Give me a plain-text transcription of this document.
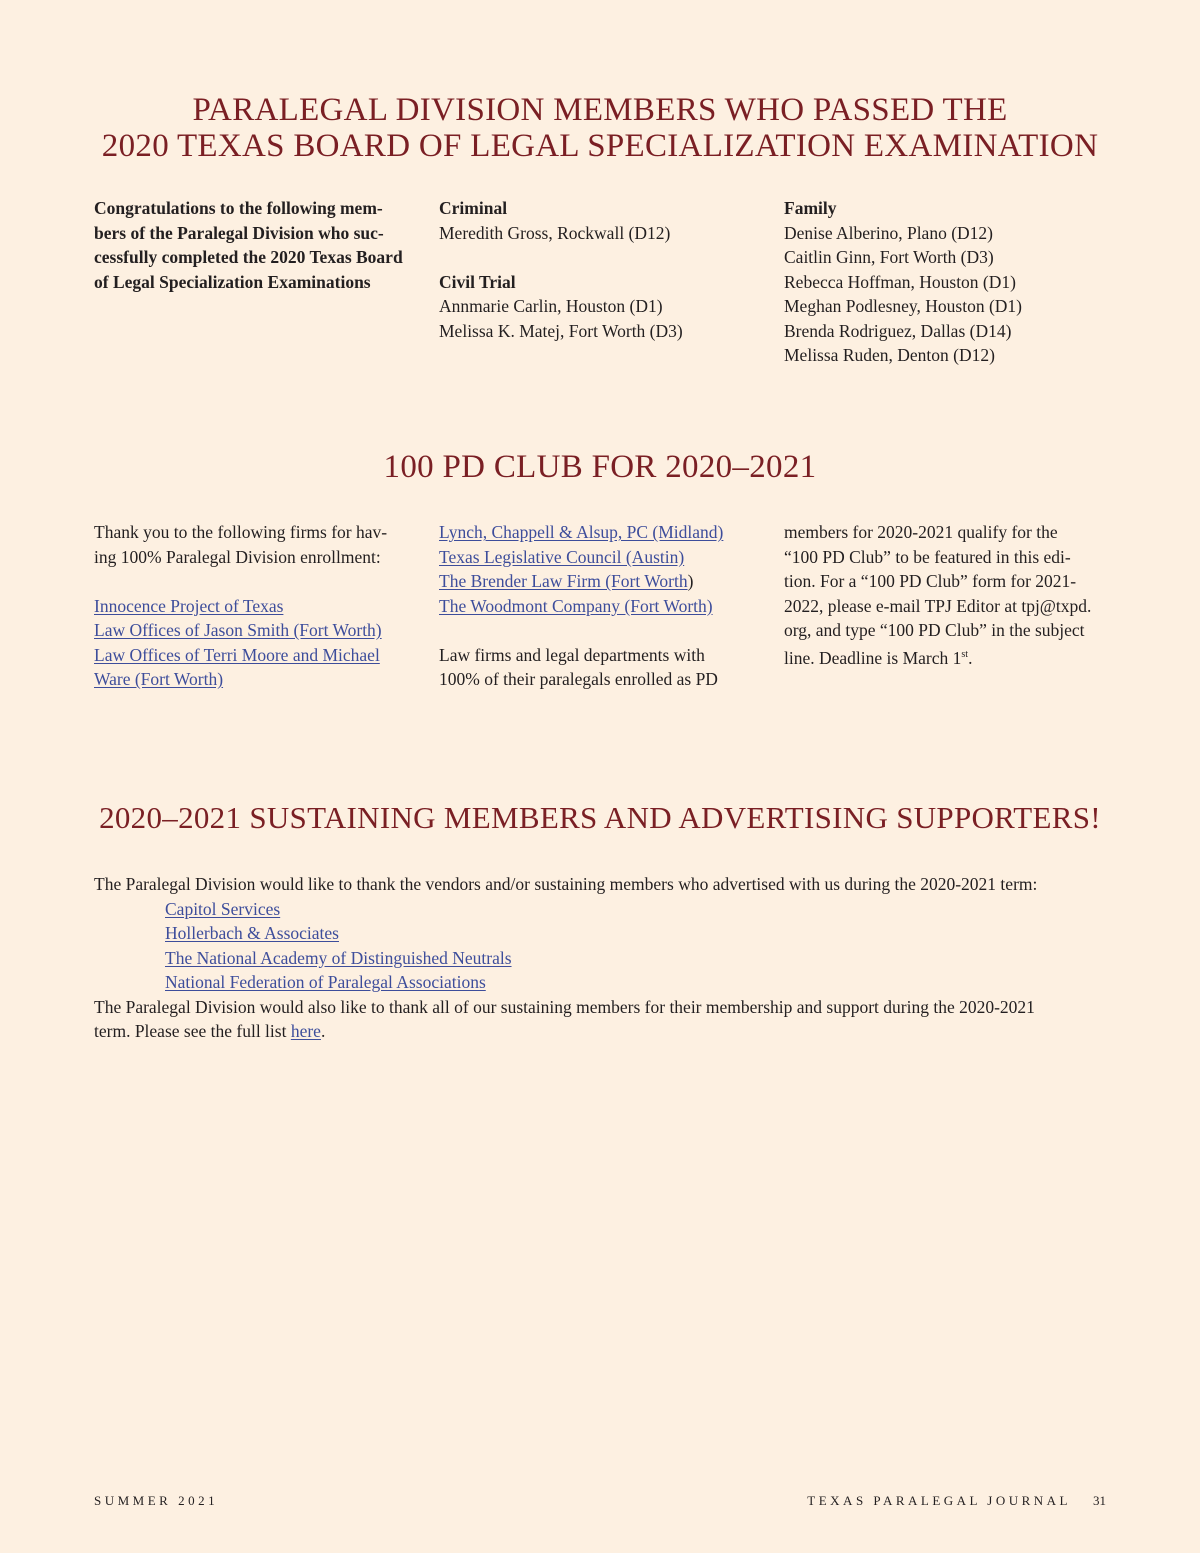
PARALEGAL DIVISION MEMBERS WHO PASSED THE
2020 TEXAS BOARD OF LEGAL SPECIALIZATION EXAMINATION
Congratulations to the following mem-
bers of the Paralegal Division who suc-
cessfully completed the 2020 Texas Board
of Legal Specialization Examinations
Criminal
Meredith Gross, Rockwall (D12)
Civil Trial
Annmarie Carlin, Houston (D1)
Melissa K. Matej, Fort Worth (D3)
Family
Denise Alberino, Plano (D12)
Caitlin Ginn, Fort Worth (D3)
Rebecca Hoffman, Houston (D1)
Meghan Podlesney, Houston (D1)
Brenda Rodriguez, Dallas (D14)
Melissa Ruden, Denton (D12)
100 PD CLUB FOR 2020–2021
Thank you to the following firms for hav-
ing 100% Paralegal Division enrollment:
Innocence Project of Texas
Law Offices of Jason Smith (Fort Worth)
Law Offices of Terri Moore and Michael
Ware (Fort Worth)
Lynch, Chappell & Alsup, PC (Midland)
Texas Legislative Council (Austin)
The Brender Law Firm (Fort Worth)
The Woodmont Company (Fort Worth)
Law firms and legal departments with
100% of their paralegals enrolled as PD
members for 2020-2021 qualify for the
“100 PD Club” to be featured in this edi-
tion. For a “100 PD Club” form for 2021-
2022, please e-mail TPJ Editor at tpj@txpd.
org, and type “100 PD Club” in the subject
line. Deadline is March 1st.
2020–2021 SUSTAINING MEMBERS AND ADVERTISING SUPPORTERS!
The Paralegal Division would like to thank the vendors and/or sustaining members who advertised with us during the 2020-2021 term:
Capitol Services
Hollerbach & Associates
The National Academy of Distinguished Neutrals
National Federation of Paralegal Associations
The Paralegal Division would also like to thank all of our sustaining members for their membership and support during the 2020-2021
term. Please see the full list here.
SUMMER 2021	TEXAS PARALEGAL JOURNAL 31
